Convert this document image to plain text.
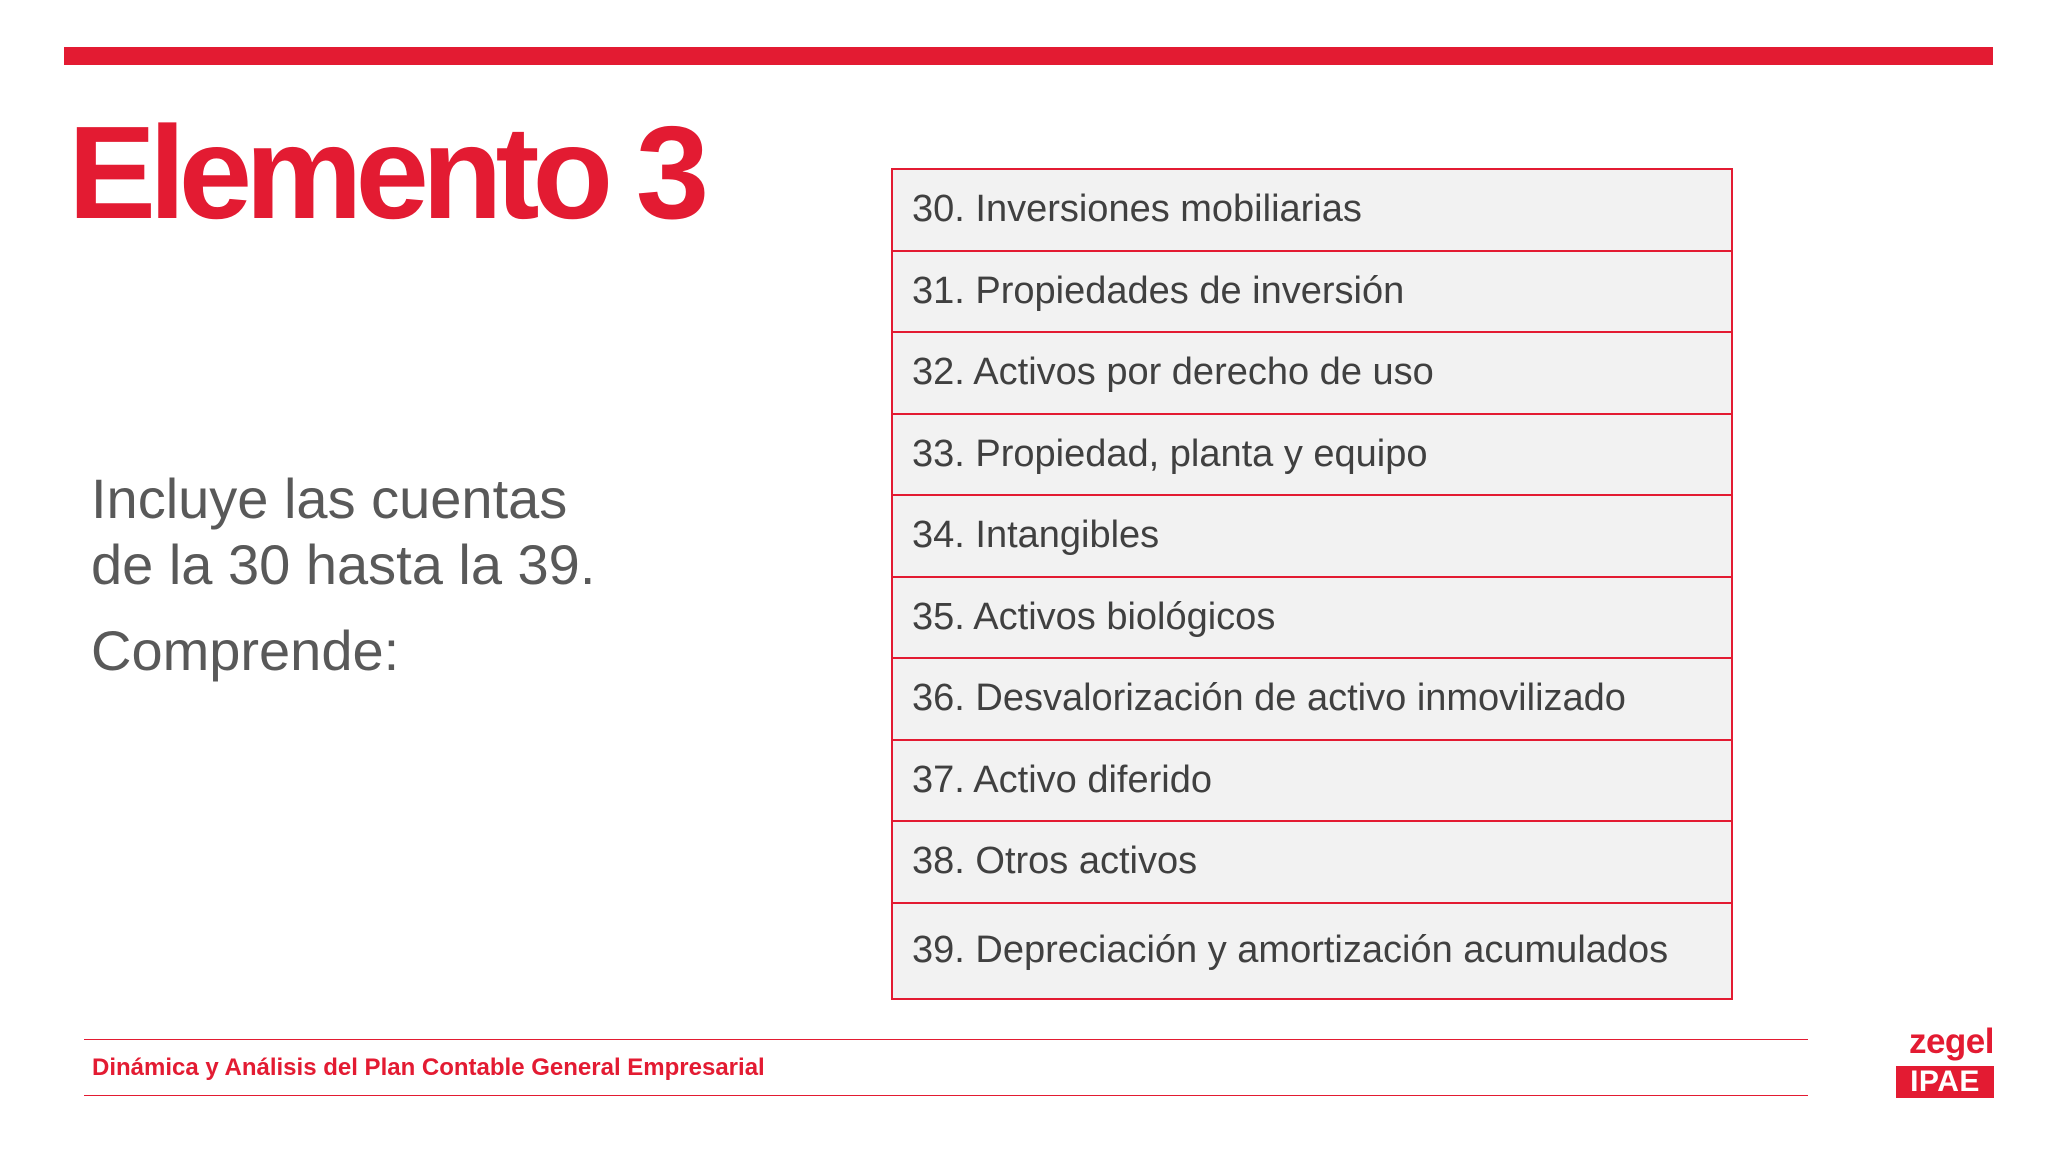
Elemento 3

Incluye las cuentas

de la 30 hasta la 39.

Comprende:

30. Inversiones mobiliarias
31. Propiedades de inversión
32. Activos por derecho de uso
33. Propiedad, planta y equipo
34. Intangibles
35. Activos biológicos
36. Desvalorización de activo inmovilizado
37. Activo diferido
38. Otros activos
39. Depreciación y amortización acumulados
Dinámica y Análisis del Plan Contable General Empresarial
zegel
IPAE
